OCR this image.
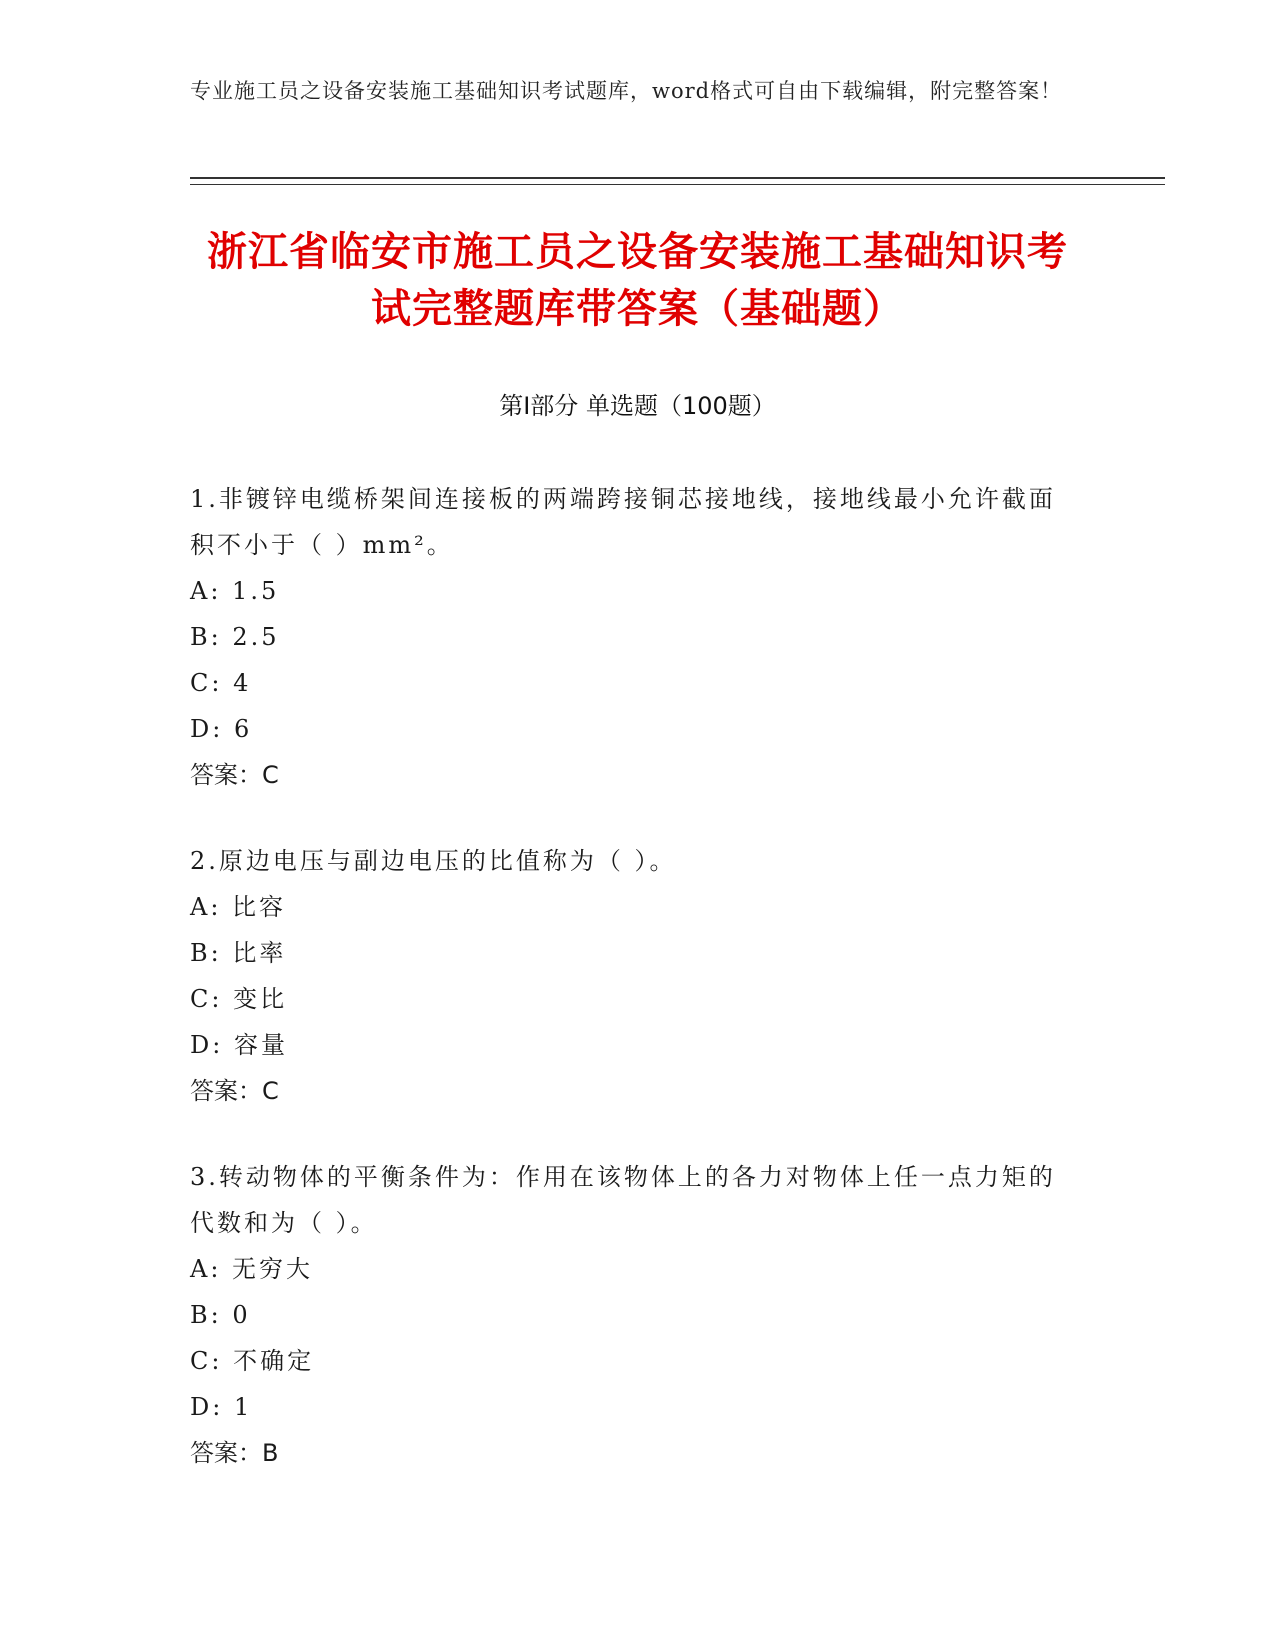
专业施工员之设备安装施工基础知识考试题库，word格式可自由下载编辑，附完整答案！
浙江省临安市施工员之设备安装施工基础知识考试完整题库带答案（基础题）
第Ⅰ部分 单选题（100题）

1.非镀锌电缆桥架间连接板的两端跨接铜芯接地线，接地线最小允许截面积不小于（ ）mm²。

A: 1.5

B: 2.5

C: 4

D: 6

答案：C

2.原边电压与副边电压的比值称为（ ）。

A: 比容

B: 比率

C: 变比

D: 容量

答案：C

3.转动物体的平衡条件为：作用在该物体上的各力对物体上任一点力矩的代数和为（ ）。

A: 无穷大

B: 0

C: 不确定

D: 1

答案：B
